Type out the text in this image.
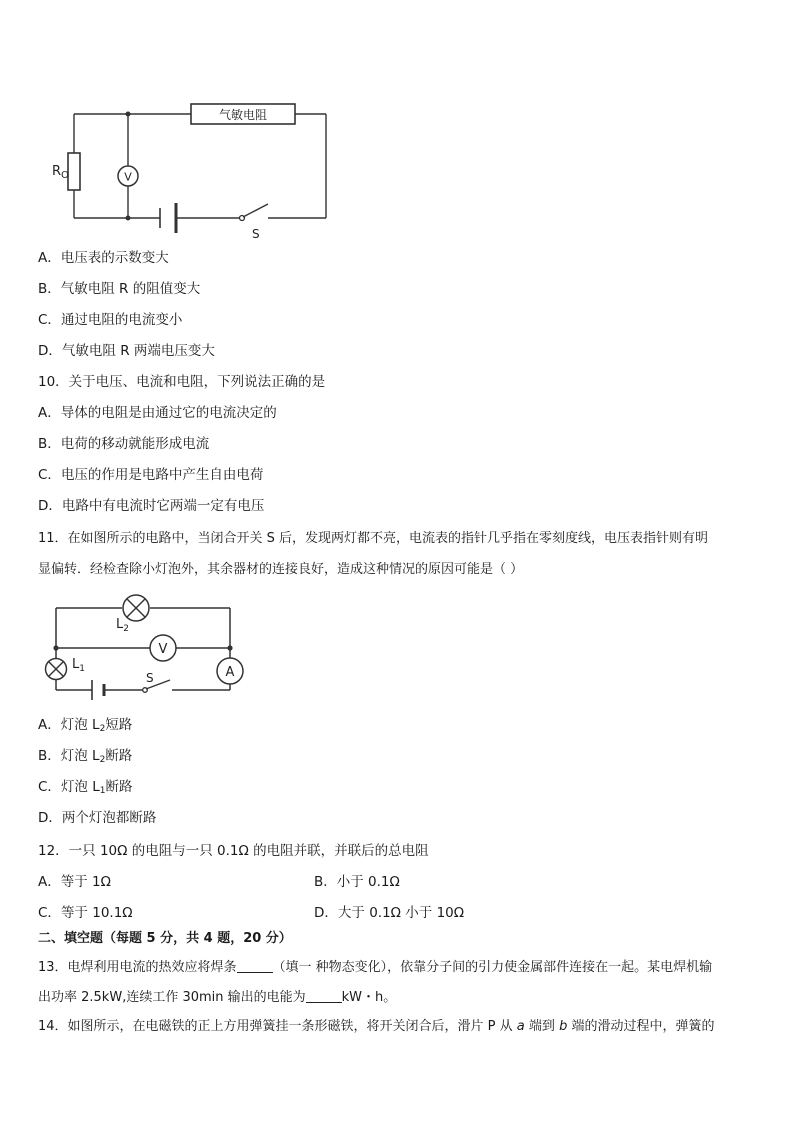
气敏电阻
$R_O$	V
S
A．电压表的示数变大
B．气敏电阻 R 的阻值变大
C．通过电阻的电流变小
D．气敏电阻 R 两端电压变大
10．关于电压、电流和电阻，下列说法正确的是
A．导体的电阻是由通过它的电流决定的
B．电荷的移动就能形成电流
C．电压的作用是电路中产生自由电荷
D．电路中有电流时它两端一定有电压
11．在如图所示的电路中，当闭合开关 S 后，发现两灯都不亮，电流表的指针几乎指在零刻度线，电压表指针则有明
显偏转．经检查除小灯泡外，其余器材的连接良好，造成这种情况的原因可能是（ ）
$L_2$
V
$L_1$	A
S
A．灯泡 $L_2$短路
B．灯泡 $L_2$断路
C．灯泡 $L_1$断路
D．两个灯泡都断路
12．一只 10Ω 的电阻与一只 0.1Ω 的电阻并联，并联后的总电阻
A．等于 1Ω	B．小于 0.1Ω
C．等于 10.1Ω	D．大于 0.1Ω 小于 10Ω
二、填空题（每题 5 分，共 4 题，20 分）
13．电焊利用电流的热效应将焊条	（填一 种物态变化），依靠分子间的引力使金属部件连接在一起。某电焊机输
出功率 2.5kW,连续工作 30min 输出的电能为	kW・h。
14．如图所示，在电磁铁的正上方用弹簧挂一条形磁铁，将开关闭合后，滑片 P 从 a 端到 b 端的滑动过程中，弹簧的
